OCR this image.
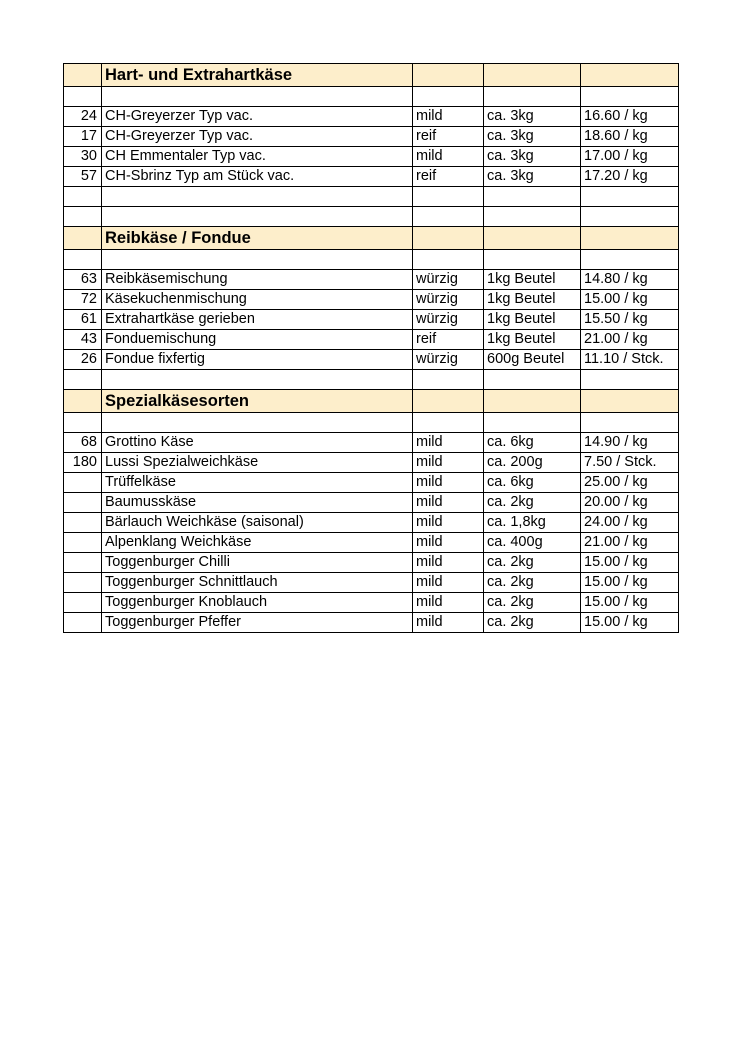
	Hart- und Extrahartkäse			

24	CH-Greyerzer Typ vac.	mild	ca. 3kg	16.60 / kg
17	CH-Greyerzer Typ vac.	reif	ca. 3kg	18.60 / kg
30	CH Emmentaler Typ vac.	mild	ca. 3kg	17.00 / kg
57	CH-Sbrinz Typ am Stück vac.	reif	ca. 3kg	17.20 / kg

	Reibkäse / Fondue			

63	Reibkäsemischung	würzig	1kg Beutel	14.80 / kg
72	Käsekuchenmischung	würzig	1kg Beutel	15.00 / kg
61	Extrahartkäse gerieben	würzig	1kg Beutel	15.50 / kg
43	Fonduemischung	reif	1kg Beutel	21.00 / kg
26	Fondue fixfertig	würzig	600g Beutel	11.10 / Stck.

	Spezialkäsesorten			

68	Grottino Käse	mild	ca. 6kg	14.90 / kg
180	Lussi Spezialweichkäse	mild	ca. 200g	7.50 / Stck.
	Trüffelkäse	mild	ca. 6kg	25.00 / kg
	Baumusskäse	mild	ca. 2kg	20.00 / kg
	Bärlauch Weichkäse (saisonal)	mild	ca. 1,8kg	24.00 / kg
	Alpenklang Weichkäse	mild	ca. 400g	21.00 / kg
	Toggenburger Chilli	mild	ca. 2kg	15.00 / kg
	Toggenburger Schnittlauch	mild	ca. 2kg	15.00 / kg
	Toggenburger Knoblauch	mild	ca. 2kg	15.00 / kg
	Toggenburger Pfeffer	mild	ca. 2kg	15.00 / kg
